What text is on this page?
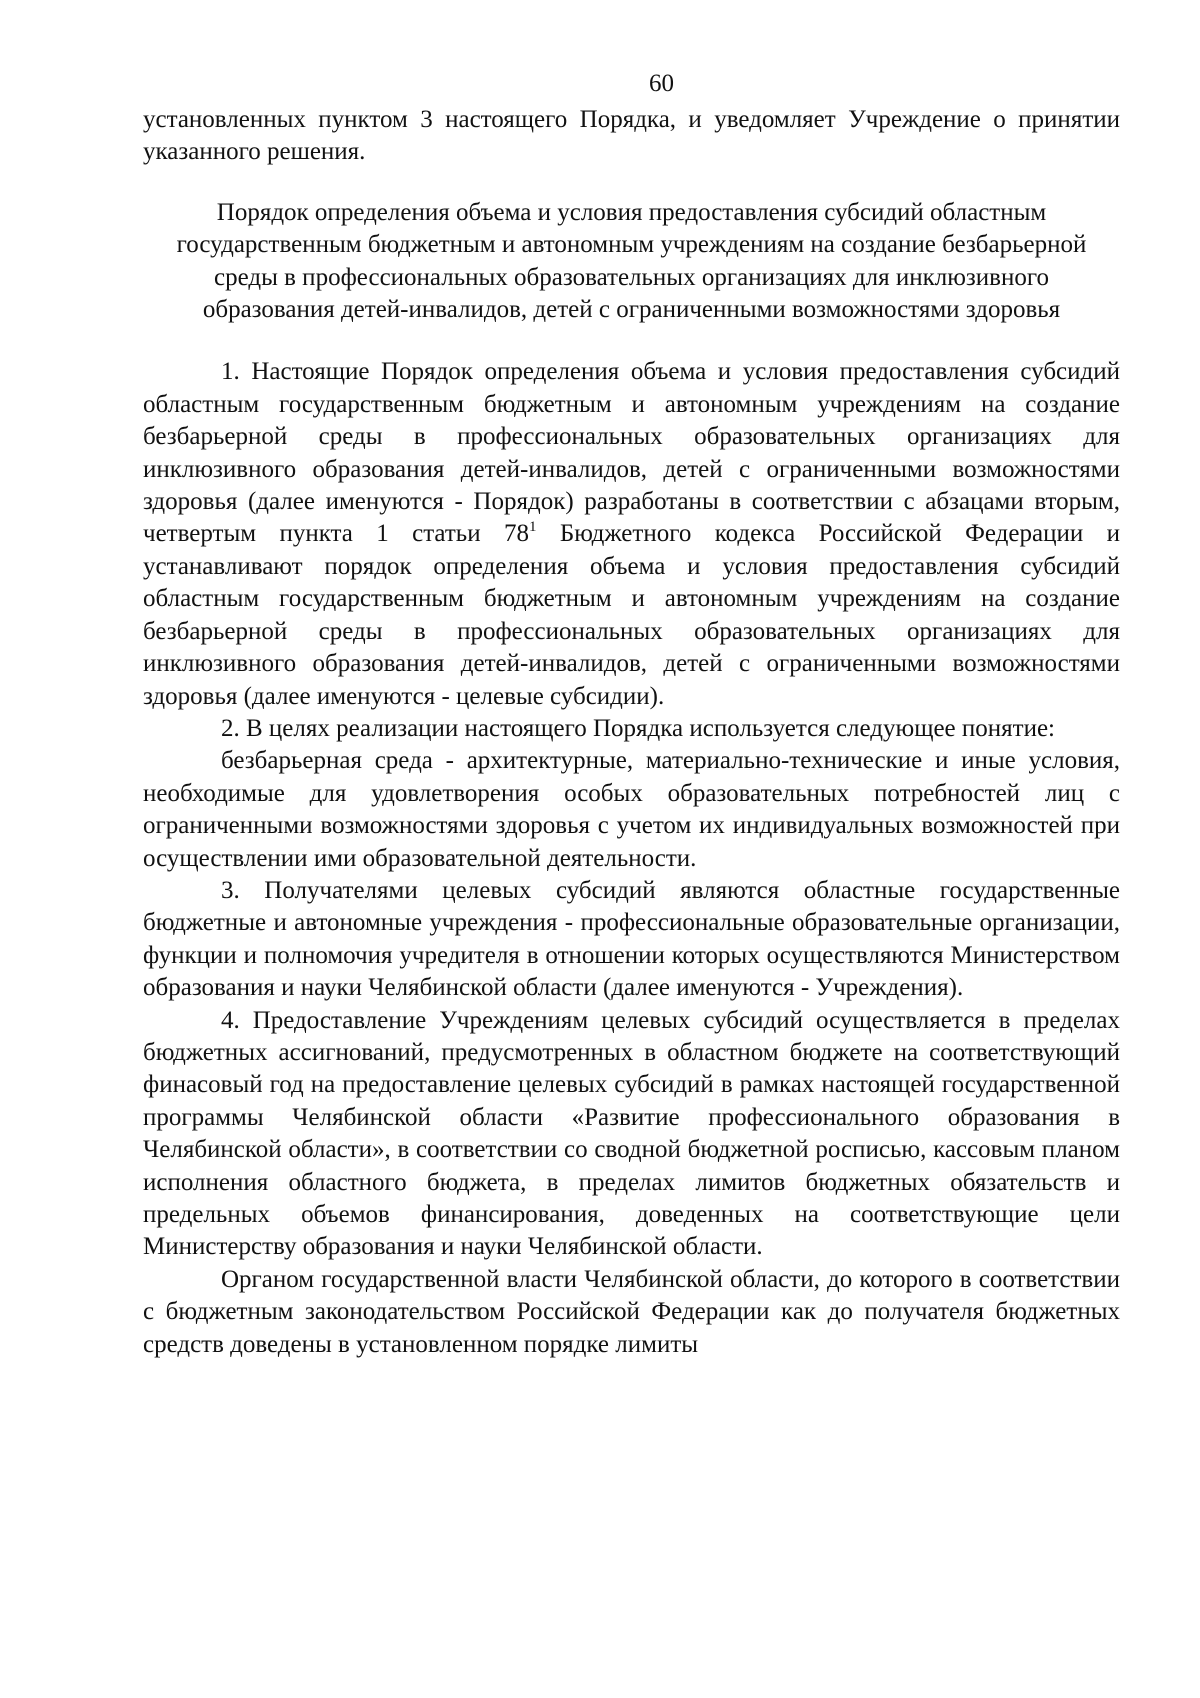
60

установленных пунктом 3 настоящего Порядка, и уведомляет Учреждение о принятии указанного решения.

Порядок определения объема и условия предоставления субсидий областным государственным бюджетным и автономным учреждениям на создание безбарьерной среды в профессиональных образовательных организациях для инклюзивного образования детей-инвалидов, детей с ограниченными возможностями здоровья

1. Настоящие Порядок определения объема и условия предоставления субсидий областным государственным бюджетным и автономным учреждениям на создание безбарьерной среды в профессиональных образовательных организациях для инклюзивного образования детей-инвалидов, детей с ограниченными возможностями здоровья (далее именуются - Порядок) разработаны в соответствии с абзацами вторым, четвертым пункта 1 статьи $78^1$ Бюджетного кодекса Российской Федерации и устанавливают порядок определения объема и условия предоставления субсидий областным государственным бюджетным и автономным учреждениям на создание безбарьерной среды в профессиональных образовательных организациях для инклюзивного образования детей-инвалидов, детей с ограниченными возможностями здоровья (далее именуются - целевые субсидии).

2. В целях реализации настоящего Порядка используется следующее понятие:

безбарьерная среда - архитектурные, материально-технические и иные условия, необходимые для удовлетворения особых образовательных потребностей лиц с ограниченными возможностями здоровья с учетом их индивидуальных возможностей при осуществлении ими образовательной деятельности.

3. Получателями целевых субсидий являются областные государственные бюджетные и автономные учреждения - профессиональные образовательные организации, функции и полномочия учредителя в отношении которых осуществляются Министерством образования и науки Челябинской области (далее именуются - Учреждения).

4. Предоставление Учреждениям целевых субсидий осуществляется в пределах бюджетных ассигнований, предусмотренных в областном бюджете на соответствующий финасовый год на предоставление целевых субсидий в рамках настоящей государственной программы Челябинской области «Развитие профессионального образования в Челябинской области», в соответствии со сводной бюджетной росписью, кассовым планом исполнения областного бюджета, в пределах лимитов бюджетных обязательств и предельных объемов финансирования, доведенных на соответствующие цели Министерству образования и науки Челябинской области.

Органом государственной власти Челябинской области, до которого в соответствии с бюджетным законодательством Российской Федерации как до получателя бюджетных средств доведены в установленном порядке лимиты
